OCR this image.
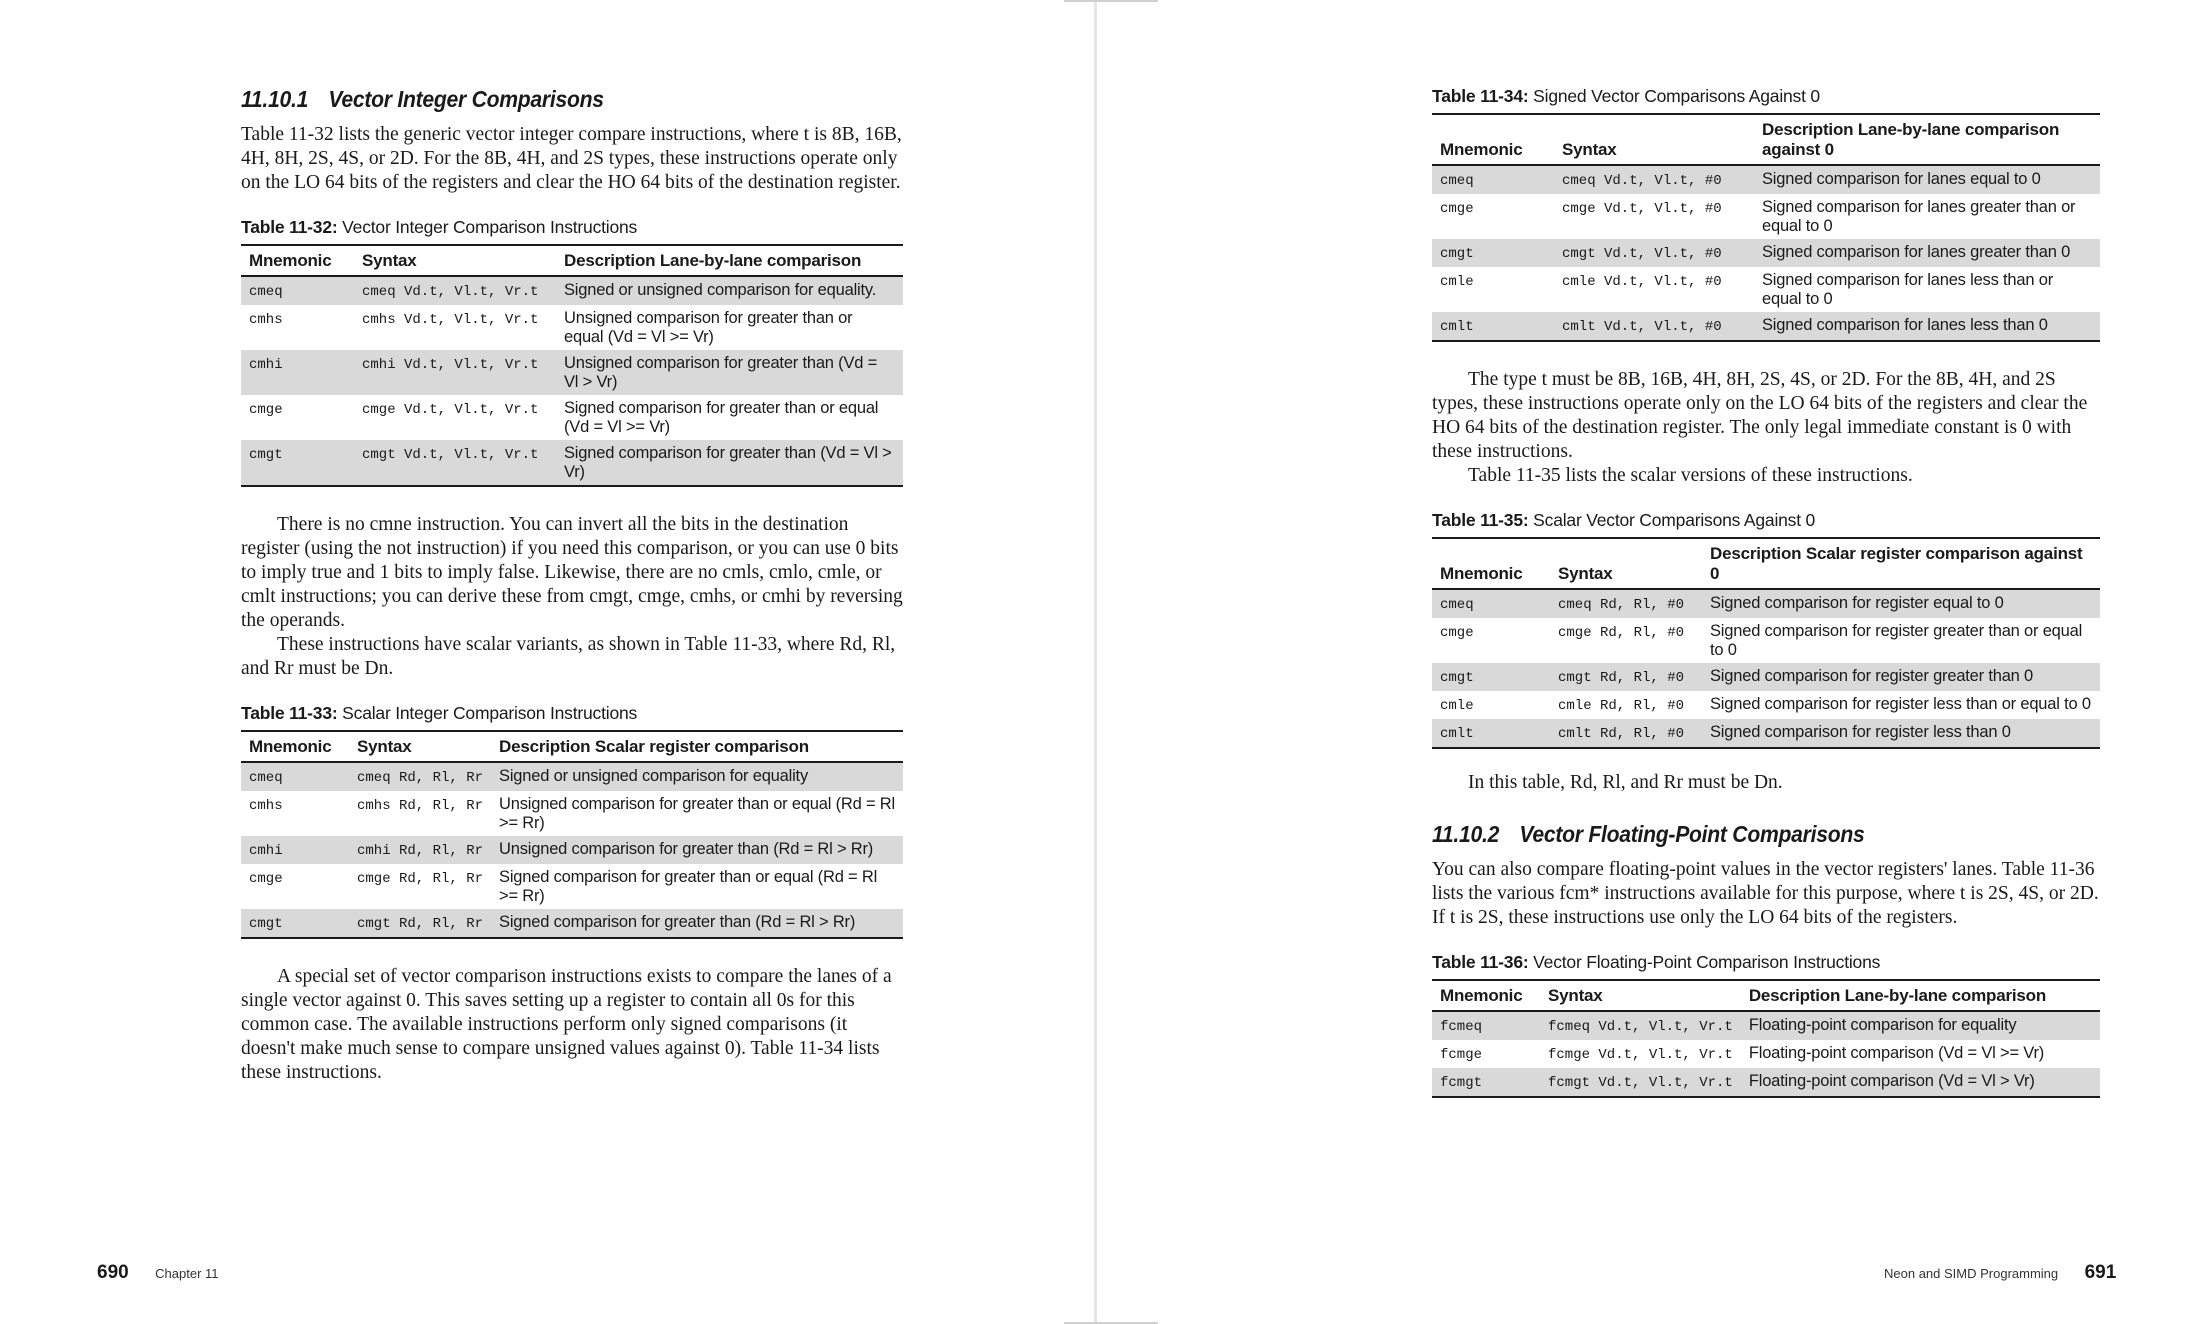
11.10.1 Vector Integer Comparisons

Table 11-32 lists the generic vector integer compare instructions, where t is 8B, 16B, 4H, 8H, 2S, 4S, or 2D. For the 8B, 4H, and 2S types, these instructions operate only on the LO 64 bits of the registers and clear the HO 64 bits of the destination register.

Table 11-32: Vector Integer Comparison Instructions
Mnemonic	Syntax	Description Lane-by-lane comparison
cmeq	cmeq Vd.t, Vl.t, Vr.t	Signed or unsigned comparison for equality.
cmhs	cmhs Vd.t, Vl.t, Vr.t	Unsigned comparison for greater than or equal (Vd = Vl >= Vr)
cmhi	cmhi Vd.t, Vl.t, Vr.t	Unsigned comparison for greater than (Vd = Vl > Vr)
cmge	cmge Vd.t, Vl.t, Vr.t	Signed comparison for greater than or equal (Vd = Vl >= Vr)
cmgt	cmgt Vd.t, Vl.t, Vr.t	Signed comparison for greater than (Vd = Vl > Vr)

There is no cmne instruction. You can invert all the bits in the destination register (using the not instruction) if you need this comparison, or you can use 0 bits to imply true and 1 bits to imply false. Likewise, there are no cmls, cmlo, cmle, or cmlt instructions; you can derive these from cmgt, cmge, cmhs, or cmhi by reversing the operands.

These instructions have scalar variants, as shown in Table 11-33, where Rd, Rl, and Rr must be Dn.

Table 11-33: Scalar Integer Comparison Instructions
Mnemonic	Syntax	Description Scalar register comparison
cmeq	cmeq Rd, Rl, Rr	Signed or unsigned comparison for equality
cmhs	cmhs Rd, Rl, Rr	Unsigned comparison for greater than or equal (Rd = Rl >= Rr)
cmhi	cmhi Rd, Rl, Rr	Unsigned comparison for greater than (Rd = Rl > Rr)
cmge	cmge Rd, Rl, Rr	Signed comparison for greater than or equal (Rd = Rl >= Rr)
cmgt	cmgt Rd, Rl, Rr	Signed comparison for greater than (Rd = Rl > Rr)

A special set of vector comparison instructions exists to compare the lanes of a single vector against 0. This saves setting up a register to contain all 0s for this common case. The available instructions perform only signed comparisons (it doesn't make much sense to compare unsigned values against 0). Table 11-34 lists these instructions.

690 Chapter 11
Table 11-34: Signed Vector Comparisons Against 0
Mnemonic	Syntax	Description Lane-by-lane comparison against 0
cmeq	cmeq Vd.t, Vl.t, #0	Signed comparison for lanes equal to 0
cmge	cmge Vd.t, Vl.t, #0	Signed comparison for lanes greater than or equal to 0
cmgt	cmgt Vd.t, Vl.t, #0	Signed comparison for lanes greater than 0
cmle	cmle Vd.t, Vl.t, #0	Signed comparison for lanes less than or equal to 0
cmlt	cmlt Vd.t, Vl.t, #0	Signed comparison for lanes less than 0

The type t must be 8B, 16B, 4H, 8H, 2S, 4S, or 2D. For the 8B, 4H, and 2S types, these instructions operate only on the LO 64 bits of the registers and clear the HO 64 bits of the destination register. The only legal immediate constant is 0 with these instructions.

Table 11-35 lists the scalar versions of these instructions.

Table 11-35: Scalar Vector Comparisons Against 0
Mnemonic	Syntax	Description Scalar register comparison against 0
cmeq	cmeq Rd, Rl, #0	Signed comparison for register equal to 0
cmge	cmge Rd, Rl, #0	Signed comparison for register greater than or equal to 0
cmgt	cmgt Rd, Rl, #0	Signed comparison for register greater than 0
cmle	cmle Rd, Rl, #0	Signed comparison for register less than or equal to 0
cmlt	cmlt Rd, Rl, #0	Signed comparison for register less than 0

In this table, Rd, Rl, and Rr must be Dn.

11.10.2 Vector Floating-Point Comparisons

You can also compare floating-point values in the vector registers' lanes. Table 11-36 lists the various fcm* instructions available for this purpose, where t is 2S, 4S, or 2D. If t is 2S, these instructions use only the LO 64 bits of the registers.

Table 11-36: Vector Floating-Point Comparison Instructions
Mnemonic	Syntax	Description Lane-by-lane comparison
fcmeq	fcmeq Vd.t, Vl.t, Vr.t	Floating-point comparison for equality
fcmge	fcmge Vd.t, Vl.t, Vr.t	Floating-point comparison (Vd = Vl >= Vr)
fcmgt	fcmgt Vd.t, Vl.t, Vr.t	Floating-point comparison (Vd = Vl > Vr)
Neon and SIMD Programming 691
